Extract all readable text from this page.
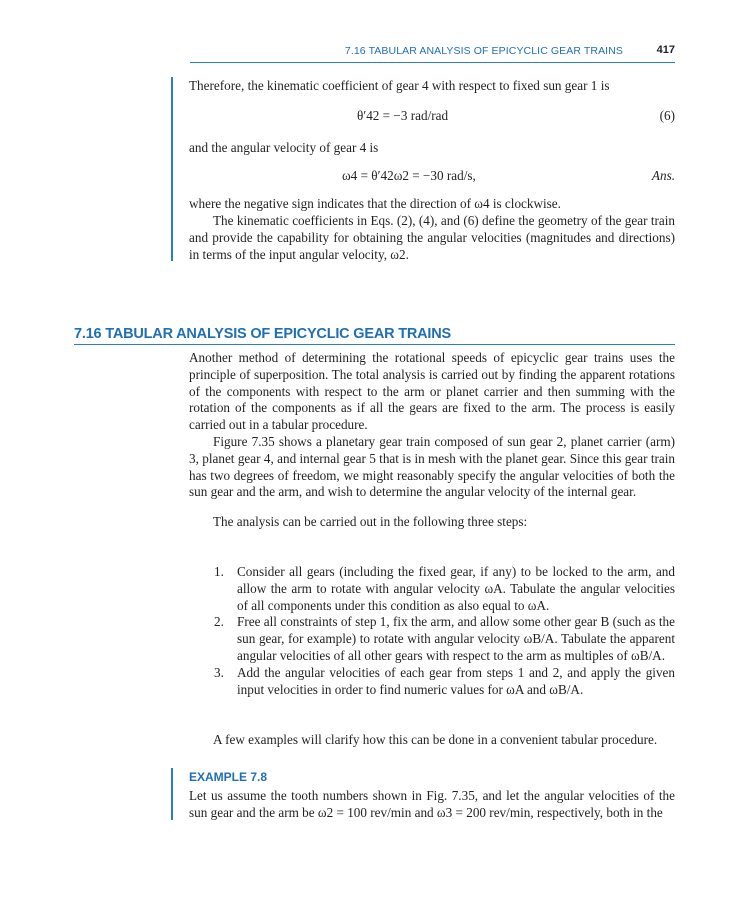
7.16 TABULAR ANALYSIS OF EPICYCLIC GEAR TRAINS	417

Therefore, the kinematic coefficient of gear 4 with respect to fixed sun gear 1 is

θ′42 = −3 rad/rad	(6)

and the angular velocity of gear 4 is

ω4 = θ′42ω2 = −30 rad/s,	Ans.

where the negative sign indicates that the direction of ω4 is clockwise.

The kinematic coefficients in Eqs. (2), (4), and (6) define the geometry of the gear train and provide the capability for obtaining the angular velocities (magnitudes and directions) in terms of the input angular velocity, ω2.

7.16 TABULAR ANALYSIS OF EPICYCLIC GEAR TRAINS

Another method of determining the rotational speeds of epicyclic gear trains uses the principle of superposition. The total analysis is carried out by finding the apparent rotations of the components with respect to the arm or planet carrier and then summing with the rotation of the components as if all the gears are fixed to the arm. The process is easily carried out in a tabular procedure.

Figure 7.35 shows a planetary gear train composed of sun gear 2, planet carrier (arm) 3, planet gear 4, and internal gear 5 that is in mesh with the planet gear. Since this gear train has two degrees of freedom, we might reasonably specify the angular velocities of both the sun gear and the arm, and wish to determine the angular velocity of the internal gear.

The analysis can be carried out in the following three steps:

1. Consider all gears (including the fixed gear, if any) to be locked to the arm, and allow the arm to rotate with angular velocity ωA. Tabulate the angular velocities of all components under this condition as also equal to ωA.
2. Free all constraints of step 1, fix the arm, and allow some other gear B (such as the sun gear, for example) to rotate with angular velocity ωB/A. Tabulate the apparent angular velocities of all other gears with respect to the arm as multiples of ωB/A.
3. Add the angular velocities of each gear from steps 1 and 2, and apply the given input velocities in order to find numeric values for ωA and ωB/A.

A few examples will clarify how this can be done in a convenient tabular procedure.

EXAMPLE 7.8

Let us assume the tooth numbers shown in Fig. 7.35, and let the angular velocities of the sun gear and the arm be ω2 = 100 rev/min and ω3 = 200 rev/min, respectively, both in the
